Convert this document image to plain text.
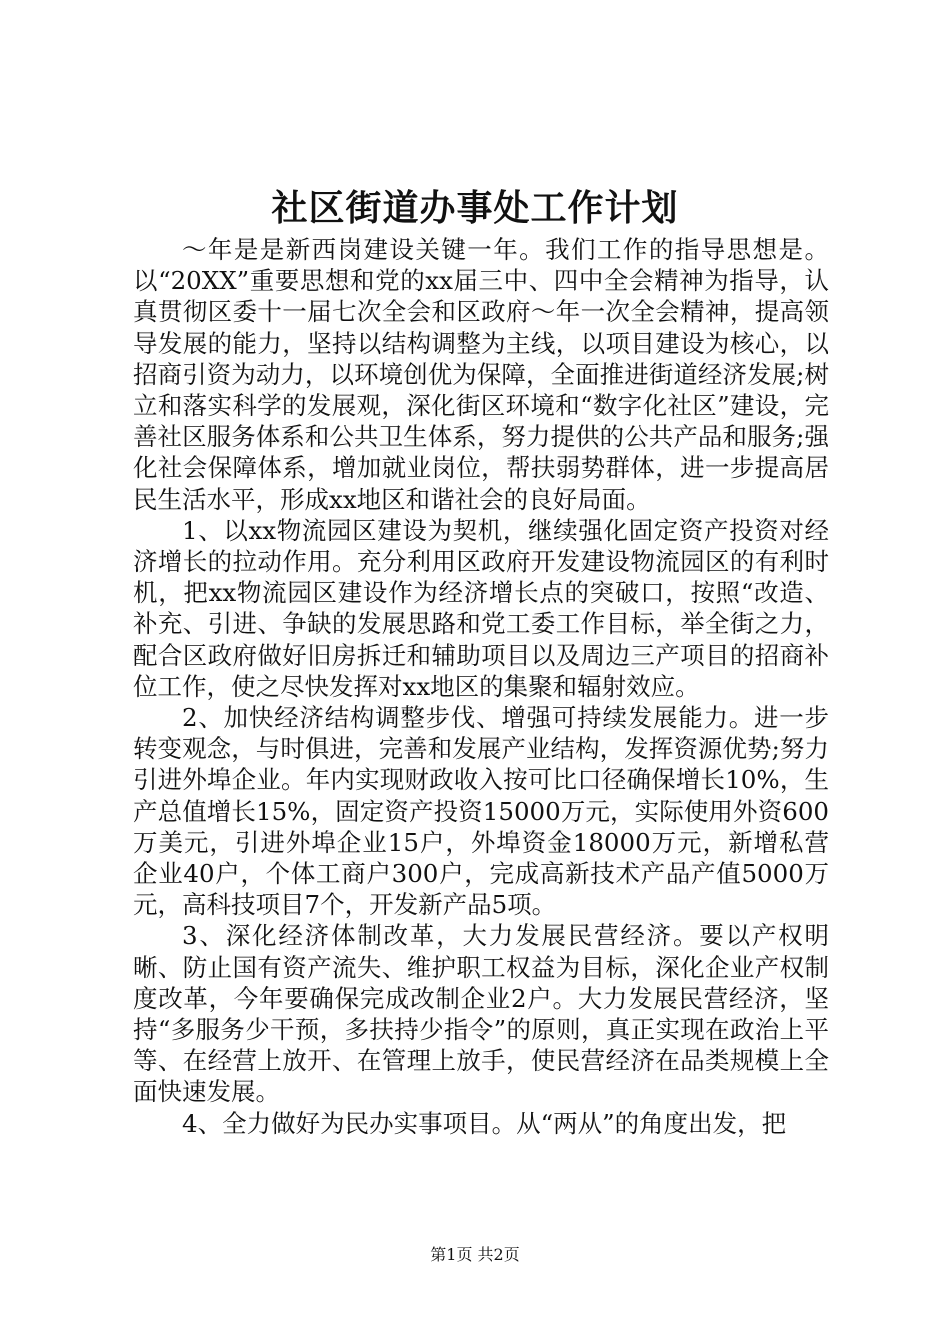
社区街道办事处工作计划

～年是是新西岗建设关键一年。我们工作的指导思想是。以“20XX”重要思想和党的xx届三中、四中全会精神为指导，认真贯彻区委十一届七次全会和区政府～年一次全会精神，提高领导发展的能力，坚持以结构调整为主线，以项目建设为核心，以招商引资为动力，以环境创优为保障，全面推进街道经济发展;树立和落实科学的发展观，深化街区环境和“数字化社区”建设，完善社区服务体系和公共卫生体系，努力提供的公共产品和服务;强化社会保障体系，增加就业岗位，帮扶弱势群体，进一步提高居民生活水平，形成xx地区和谐社会的良好局面。

1、以xx物流园区建设为契机，继续强化固定资产投资对经济增长的拉动作用。充分利用区政府开发建设物流园区的有利时机，把xx物流园区建设作为经济增长点的突破口，按照“改造、补充、引进、争缺的发展思路和党工委工作目标，举全街之力，配合区政府做好旧房拆迁和辅助项目以及周边三产项目的招商补位工作，使之尽快发挥对xx地区的集聚和辐射效应。

2、加快经济结构调整步伐、增强可持续发展能力。进一步转变观念，与时俱进，完善和发展产业结构，发挥资源优势;努力引进外埠企业。年内实现财政收入按可比口径确保增长10%，生产总值增长15%，固定资产投资15000万元，实际使用外资600万美元，引进外埠企业15户，外埠资金18000万元，新增私营企业40户，个体工商户300户，完成高新技术产品产值5000万元，高科技项目7个，开发新产品5项。

3、深化经济体制改革，大力发展民营经济。要以产权明晰、防止国有资产流失、维护职工权益为目标，深化企业产权制度改革，今年要确保完成改制企业2户。大力发展民营经济，坚持“多服务少干预，多扶持少指令”的原则，真正实现在政治上平等、在经营上放开、在管理上放手，使民营经济在品类规模上全面快速发展。

4、全力做好为民办实事项目。从“两从”的角度出发，把

第1页 共2页
